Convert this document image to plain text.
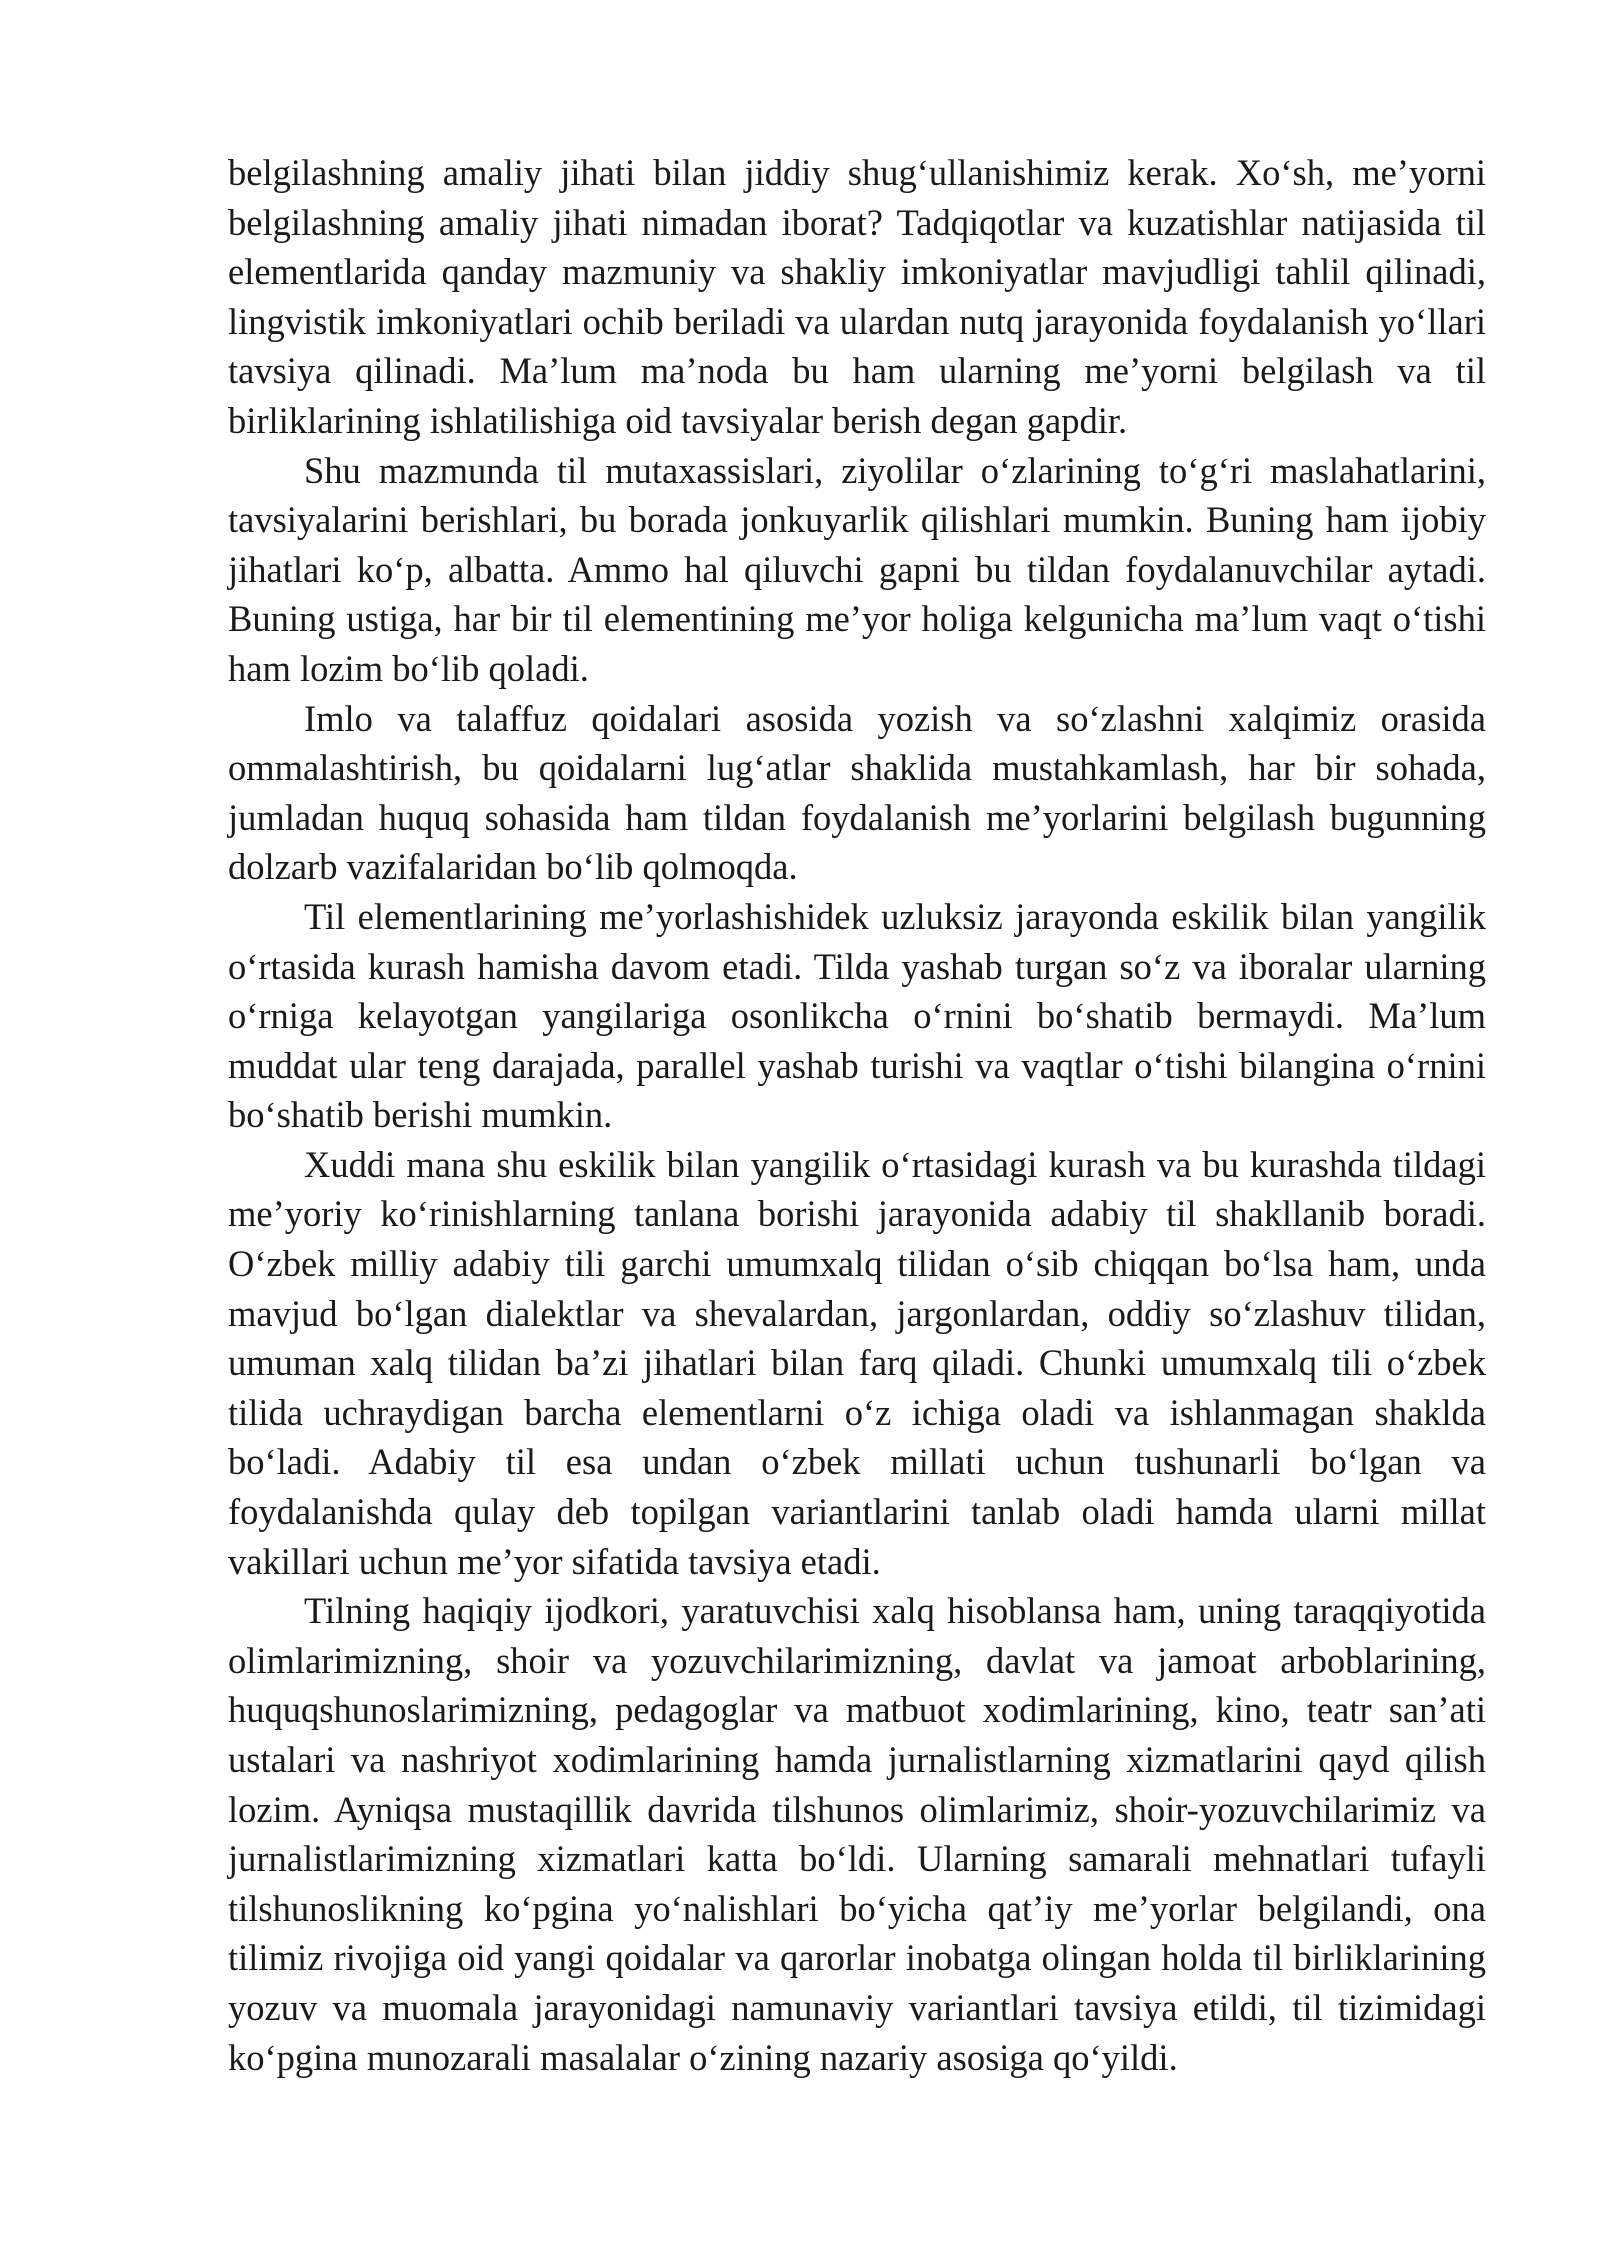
belgilashning amaliy jihati bilan jiddiy shug‘ullanishimiz kerak. Xo‘sh, me’yorni belgilashning amaliy jihati nimadan iborat? Tadqiqotlar va kuzatishlar natijasida til elementlarida qanday mazmuniy va shakliy imkoniyatlar mavjudligi tahlil qilinadi, lingvistik imkoniyatlari ochib beriladi va ulardan nutq jarayonida foydalanish yo‘llari tavsiya qilinadi. Ma’lum ma’noda bu ham ularning me’yorni belgilash va til birliklarining ishlatilishiga oid tavsiyalar berish degan gapdir.

Shu mazmunda til mutaxassislari, ziyolilar o‘zlarining to‘g‘ri maslahatlarini, tavsiyalarini berishlari, bu borada jonkuyarlik qilishlari mumkin. Buning ham ijobiy jihatlari ko‘p, albatta. Ammo hal qiluvchi gapni bu tildan foydalanuvchilar aytadi. Buning ustiga, har bir til elementining me’yor holiga kelgunicha ma’lum vaqt o‘tishi ham lozim bo‘lib qoladi.

Imlo va talaffuz qoidalari asosida yozish va so‘zlashni xalqimiz orasida ommalashtirish, bu qoidalarni lug‘atlar shaklida mustahkamlash, har bir sohada, jumladan huquq sohasida ham tildan foydalanish me’yorlarini belgilash bugunning dolzarb vazifalaridan bo‘lib qolmoqda.

Til elementlarining me’yorlashishidek uzluksiz jarayonda eskilik bilan yangilik o‘rtasida kurash hamisha davom etadi. Tilda yashab turgan so‘z va iboralar ularning o‘rniga kelayotgan yangilariga osonlikcha o‘rnini bo‘shatib bermaydi. Ma’lum muddat ular teng darajada, parallel yashab turishi va vaqtlar o‘tishi bilangina o‘rnini bo‘shatib berishi mumkin.

Xuddi mana shu eskilik bilan yangilik o‘rtasidagi kurash va bu kurashda tildagi me’yoriy ko‘rinishlarning tanlana borishi jarayonida adabiy til shakllanib boradi. O‘zbek milliy adabiy tili garchi umumxalq tilidan o‘sib chiqqan bo‘lsa ham, unda mavjud bo‘lgan dialektlar va shevalardan, jargonlardan, oddiy so‘zlashuv tilidan, umuman xalq tilidan ba’zi jihatlari bilan farq qiladi. Chunki umumxalq tili o‘zbek tilida uchraydigan barcha elementlarni o‘z ichiga oladi va ishlanmagan shaklda bo‘ladi. Adabiy til esa undan o‘zbek millati uchun tushunarli bo‘lgan va foydalanishda qulay deb topilgan variantlarini tanlab oladi hamda ularni millat vakillari uchun me’yor sifatida tavsiya etadi.

Tilning haqiqiy ijodkori, yaratuvchisi xalq hisoblansa ham, uning taraqqiyotida olimlarimizning, shoir va yozuvchilarimizning, davlat va jamoat arboblarining, huquqshunoslarimizning, pedagoglar va matbuot xodimlarining, kino, teatr san’ati ustalari va nashriyot xodimlarining hamda jurnalistlarning xizmatlarini qayd qilish lozim. Ayniqsa mustaqillik davrida tilshunos olimlarimiz, shoir-yozuvchilarimiz va jurnalistlarimizning xizmatlari katta bo‘ldi. Ularning samarali mehnatlari tufayli tilshunoslikning ko‘pgina yo‘nalishlari bo‘yicha qat’iy me’yorlar belgilandi, ona tilimiz rivojiga oid yangi qoidalar va qarorlar inobatga olingan holda til birliklarining yozuv va muomala jarayonidagi namunaviy variantlari tavsiya etildi, til tizimidagi ko‘pgina munozarali masalalar o‘zining nazariy asosiga qo‘yildi.
